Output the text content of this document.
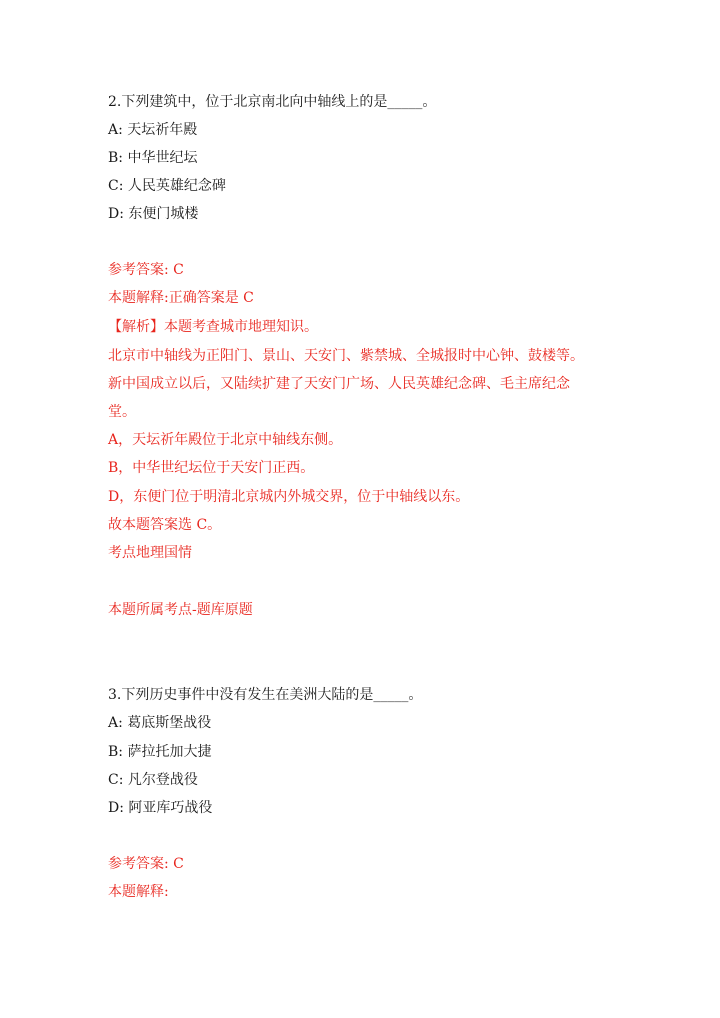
2.下列建筑中，位于北京南北向中轴线上的是_____。
A: 天坛祈年殿
B: 中华世纪坛
C: 人民英雄纪念碑
D: 东便门城楼
参考答案: C
本题解释:正确答案是 C
【解析】本题考查城市地理知识。
北京市中轴线为正阳门、景山、天安门、紫禁城、全城报时中心钟、鼓楼等。
新中国成立以后，又陆续扩建了天安门广场、人民英雄纪念碑、毛主席纪念
堂。
A，天坛祈年殿位于北京中轴线东侧。
B，中华世纪坛位于天安门正西。
D，东便门位于明清北京城内外城交界，位于中轴线以东。
故本题答案选 C。
考点地理国情
本题所属考点-题库原题
3.下列历史事件中没有发生在美洲大陆的是_____。
A: 葛底斯堡战役
B: 萨拉托加大捷
C: 凡尔登战役
D: 阿亚库巧战役
参考答案: C
本题解释:
